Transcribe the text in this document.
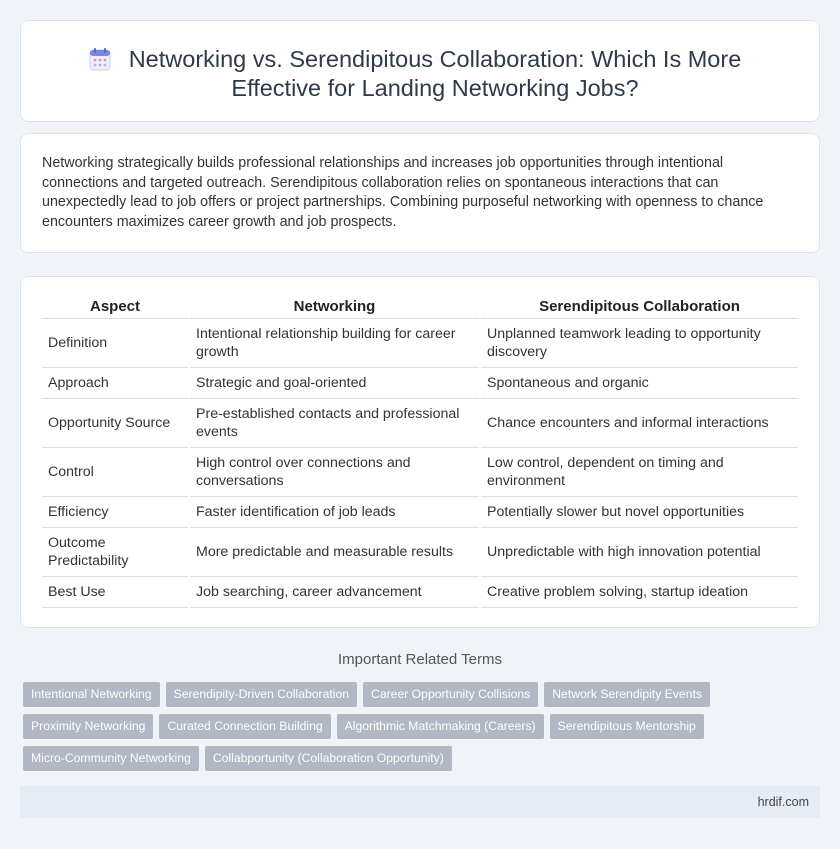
Networking vs. Serendipitous Collaboration: Which Is More Effective for Landing Networking Jobs?

Networking strategically builds professional relationships and increases job opportunities through intentional connections and targeted outreach. Serendipitous collaboration relies on spontaneous interactions that can unexpectedly lead to job offers or project partnerships. Combining purposeful networking with openness to chance encounters maximizes career growth and job prospects.

Aspect	Networking	Serendipitous Collaboration
Definition	Intentional relationship building for career growth	Unplanned teamwork leading to opportunity discovery
Approach	Strategic and goal-oriented	Spontaneous and organic
Opportunity Source	Pre-established contacts and professional events	Chance encounters and informal interactions
Control	High control over connections and conversations	Low control, dependent on timing and environment
Efficiency	Faster identification of job leads	Potentially slower but novel opportunities
Outcome Predictability	More predictable and measurable results	Unpredictable with high innovation potential
Best Use	Job searching, career advancement	Creative problem solving, startup ideation
Important Related Terms
Intentional Networking Serendipity-Driven Collaboration Career Opportunity Collisions Network Serendipity Events
Proximity Networking Curated Connection Building Algorithmic Matchmaking (Careers) Serendipitous Mentorship
Micro-Community Networking Collabportunity (Collaboration Opportunity)
hrdif.com
